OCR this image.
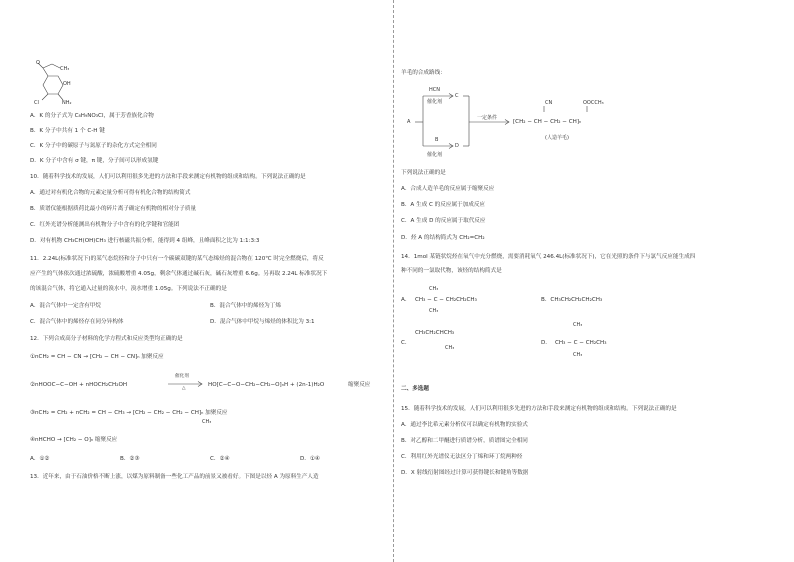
O
CH₃
OH
Cl	NH₂
A．K 的分子式为 C₈H₉NO₃Cl，属于芳香族化合物
B．K 分子中共有 1 个 C-H 键
C．K 分子中的碳原子与氮原子的杂化方式完全相同
D．K 分子中含有 σ 键，π 键，分子间可以形成氢键
10．随着科学技术的发展，人们可以利用很多先进的方法和手段来测定有机物的组成和结构。下列说法正确的是
A．通过对有机化合物的元素定量分析可得有机化合物的结构简式
B．质谱仪能根据质荷比最小的碎片离子确定有机物的相对分子质量
C．红外光谱分析能测出有机物分子中含有的化学键和官能团
D．对有机物 CH₃CH(OH)CH₃ 进行核磁共振分析，能得到 4 组峰，且峰面积之比为 1:1:3:3
11．2.24L(标准状况下)的某气态烷烃和分子中只有一个碳碳双键的某气态烯烃的混合物在 120℃ 时完全燃烧后，将反
应产生的气体依次通过浓硫酸，浓硫酸增重 4.05g，剩余气体通过碱石灰，碱石灰增重 6.6g。另再取 2.24L 标准状况下
的该混合气体，将它通入过量的溴水中，溴水增重 1.05g。下列说法不正确的是
A．混合气体中一定含有甲烷	B．混合气体中的烯烃为丁烯
C．混合气体中的烯烃存在同分异构体	D．混合气体中甲烷与烯烃的体积比为 3:1
12．下列合成高分子材料的化学方程式和反应类型均正确的是
①nCH₂ = CH − CN → [CH₂ − CH − CN]ₙ 加聚反应
②nHOOC−C−OH + nHOCH₂CH₂OH
催化剂
△
HO[C−C−O−CH₂−CH₂−O]ₙH + (2n-1)H₂O	缩聚反应
③nCH₂ = CH₂ + nCH₂ = CH − CH₃ → [CH₂ − CH₂ − CH₂ − CH]ₙ 加聚反应
CH₃
④nHCHO → [CH₂ − O]ₙ 缩聚反应
A．①②	B．②③	C．②④	D．①④
13．近年来，由于石油价格不断上涨，以煤为原料制备一些化工产品的前景又被看好。下图是以烃 A 为原料生产人造
羊毛的合成路线：
A
HCN
催化剂
C
B
催化剂
D
一定条件
CN	OOCCH₃
[CH₂ − CH − CH₂ − CH]ₙ
(人造羊毛)
下列说法正确的是
A．合成人造羊毛的反应属于缩聚反应
B．A 生成 C 的反应属于加成反应
C．A 生成 D 的反应属于取代反应
D．烃 A 的结构简式为 CH₂=CH₂
14．1mol 某链状烷烃在氧气中充分燃烧，需要消耗氧气 246.4L(标准状况下)，它在光照的条件下与氯气反应能生成四
种不同的一氯取代物，该烃的结构简式是
A．
CH₃
CH₃ − C − CH₂CH₂CH₃
CH₃
B．CH₃CH₂CH₂CH₂CH₃
C．
CH₃CH₂CHCH₃
CH₃
D．
CH₃
CH₃ − C − CH₂CH₃
CH₃
二、多选题
15．随着科学技术的发展，人们可以利用很多先进的方法和手段来测定有机物的组成和结构。下列说法正确的是
A．通过李比希元素分析仪可以确定有机物的实验式
B．对乙醇和二甲醚进行质谱分析，质谱图完全相同
C．利用红外光谱仪无法区分丁烯和环丁烷两种烃
D．X 射线衍射图经过计算可获得键长和键角等数据
